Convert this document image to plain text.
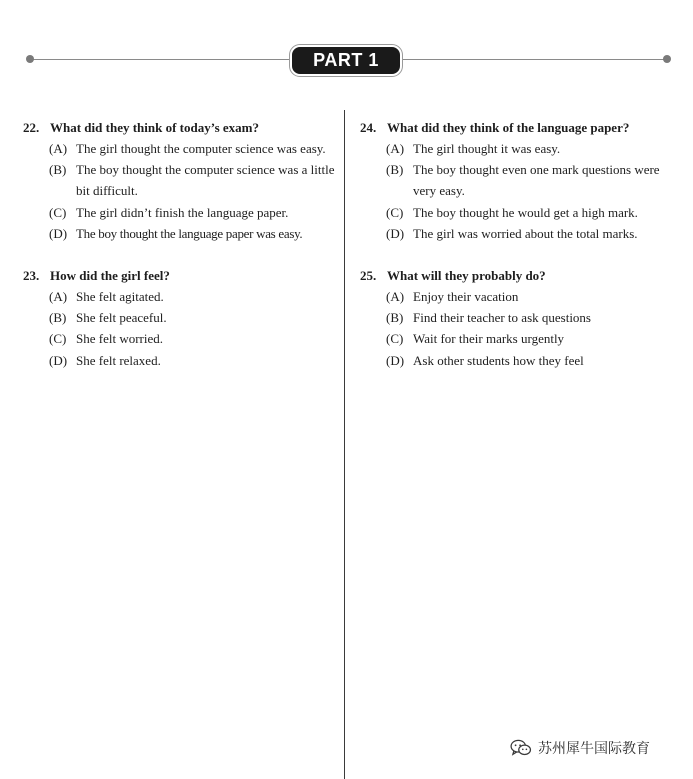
PART 1
22. What did they think of today’s exam?
(A) The girl thought the computer science was easy.
(B) The boy thought the computer science was a little bit difficult.
(C) The girl didn’t finish the language paper.
(D) The boy thought the language paper was easy.
23. How did the girl feel?
(A) She felt agitated.
(B) She felt peaceful.
(C) She felt worried.
(D) She felt relaxed.
24. What did they think of the language paper?
(A) The girl thought it was easy.
(B) The boy thought even one mark questions were very easy.
(C) The boy thought he would get a high mark.
(D) The girl was worried about the total marks.
25. What will they probably do?
(A) Enjoy their vacation
(B) Find their teacher to ask questions
(C) Wait for their marks urgently
(D) Ask other students how they feel
苏州犀牛国际教育
